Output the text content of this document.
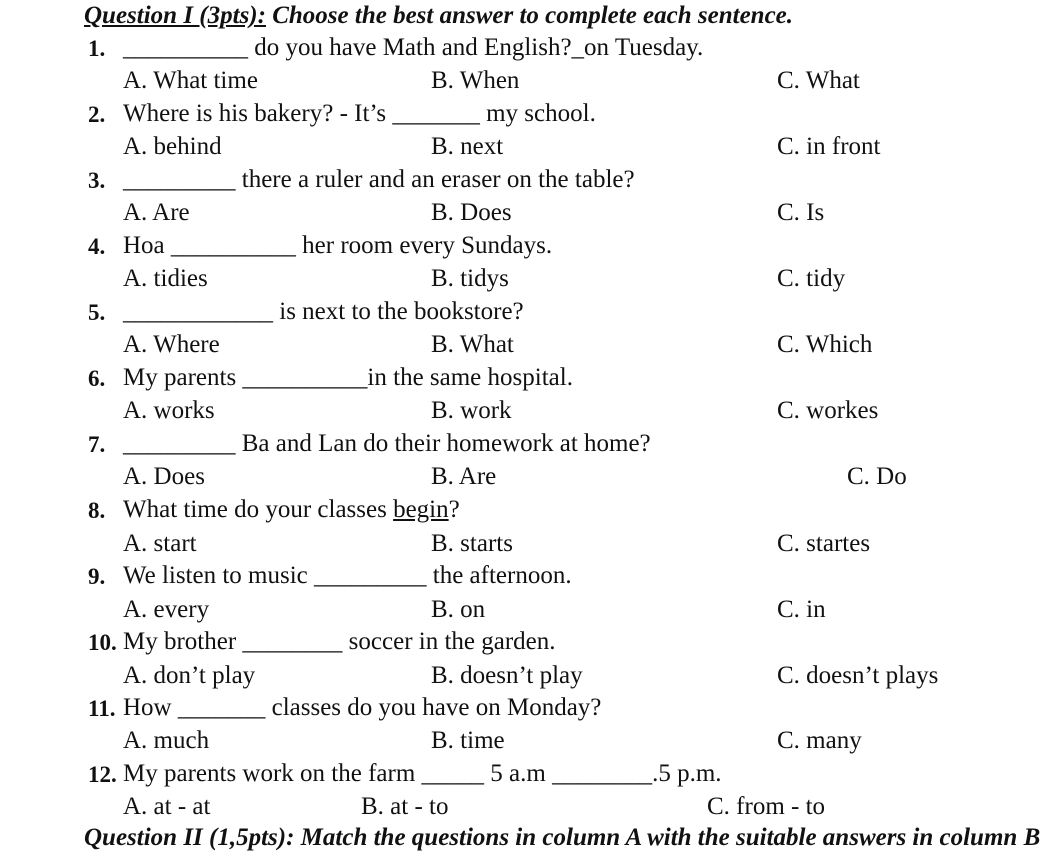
Question I (3pts): Choose the best answer to complete each sentence.
1. __________ do you have Math and English?_on Tuesday.
A. What time	B. When	C. What
2. Where is his bakery? - It’s _______ my school.
A. behind	B. next	C. in front
3. _________ there a ruler and an eraser on the table?
A. Are	B. Does	C. Is
4. Hoa __________ her room every Sundays.
A. tidies	B. tidys	C. tidy
5. ____________ is next to the bookstore?
A. Where	B. What	C. Which
6. My parents __________in the same hospital.
A. works	B. work	C. workes
7. _________ Ba and Lan do their homework at home?
A. Does	B. Are	C. Do
8. What time do your classes begin?
A. start	B. starts	C. startes
9. We listen to music _________ the afternoon.
A. every	B. on	C. in
10. My brother ________ soccer in the garden.
A. don’t play	B. doesn’t play	C. doesn’t plays
11. How _______ classes do you have on Monday?
A. much	B. time	C. many
12. My parents work on the farm _____ 5 a.m ________.5 p.m.
A. at - at	B. at - to	C. from - to
Question II (1,5pts): Match the questions in column A with the suitable answers in column B
